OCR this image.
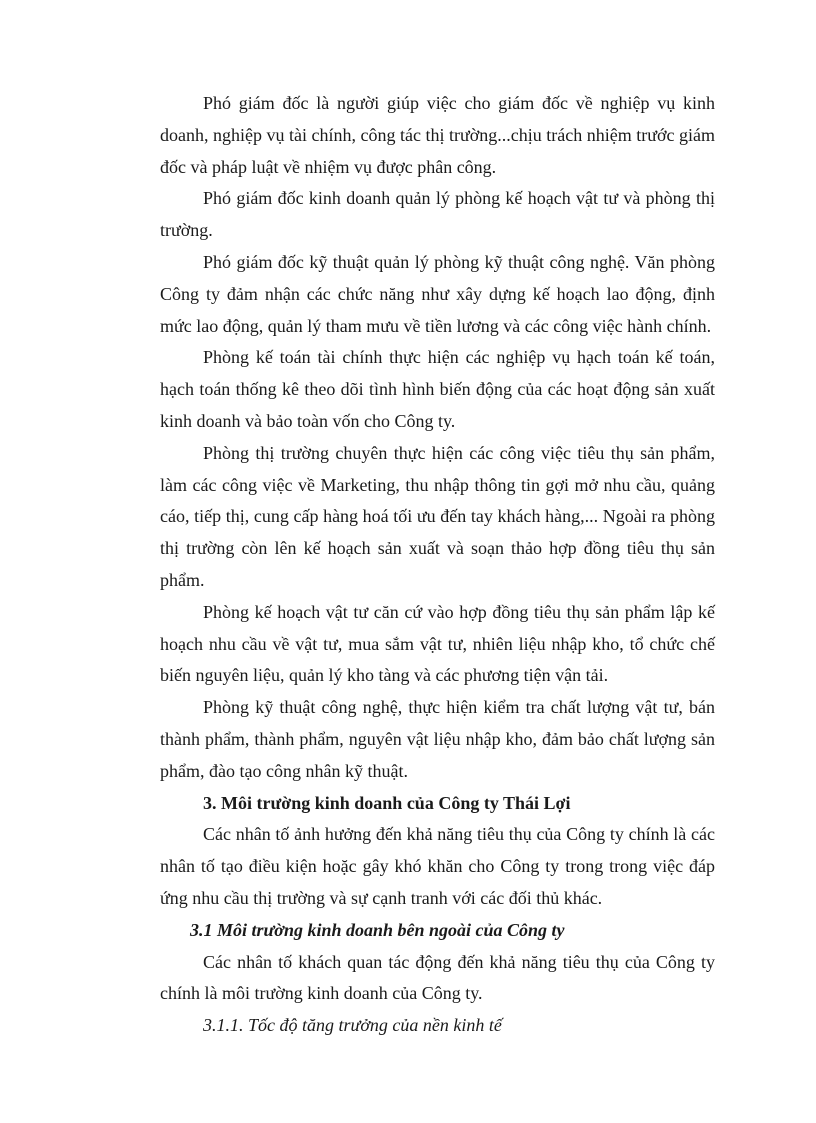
Phó giám đốc là người giúp việc cho giám đốc về nghiệp vụ kinh doanh, nghiệp vụ tài chính, công tác thị trường...chịu trách nhiệm trước giám đốc và pháp luật về nhiệm vụ được phân công.

Phó giám đốc kinh doanh quản lý phòng kế hoạch vật tư và phòng thị trường.

Phó giám đốc kỹ thuật quản lý phòng kỹ thuật công nghệ. Văn phòng Công ty đảm nhận các chức năng như xây dựng kế hoạch lao động, định mức lao động, quản lý tham mưu về tiền lương và các công việc hành chính.

Phòng kế toán tài chính thực hiện các nghiệp vụ hạch toán kế toán, hạch toán thống kê theo dõi tình hình biến động của các hoạt động sản xuất kinh doanh và bảo toàn vốn cho Công ty.

Phòng thị trường chuyên thực hiện các công việc tiêu thụ sản phẩm, làm các công việc về Marketing, thu nhập thông tin gợi mở nhu cầu, quảng cáo, tiếp thị, cung cấp hàng hoá tối ưu đến tay khách hàng,... Ngoài ra phòng thị trường còn lên kế hoạch sản xuất và soạn thảo hợp đồng tiêu thụ sản phẩm.

Phòng kế hoạch vật tư căn cứ vào hợp đồng tiêu thụ sản phẩm lập kế hoạch nhu cầu về vật tư, mua sắm vật tư, nhiên liệu nhập kho, tổ chức chế biến nguyên liệu, quản lý kho tàng và các phương tiện vận tải.

Phòng kỹ thuật công nghệ, thực hiện kiểm tra chất lượng vật tư, bán thành phẩm, thành phẩm, nguyên vật liệu nhập kho, đảm bảo chất lượng sản phẩm, đào tạo công nhân kỹ thuật.

3. Môi trường kinh doanh của Công ty Thái Lợi

Các nhân tố ảnh hưởng đến khả năng tiêu thụ của Công ty chính là các nhân tố tạo điều kiện hoặc gây khó khăn cho Công ty trong trong việc đáp ứng nhu cầu thị trường và sự cạnh tranh với các đối thủ khác.

3.1 Môi trường kinh doanh bên ngoài của Công ty

Các nhân tố khách quan tác động đến khả năng tiêu thụ của Công ty chính là môi trường kinh doanh của Công ty.

3.1.1. Tốc độ tăng trưởng của nền kinh tế
